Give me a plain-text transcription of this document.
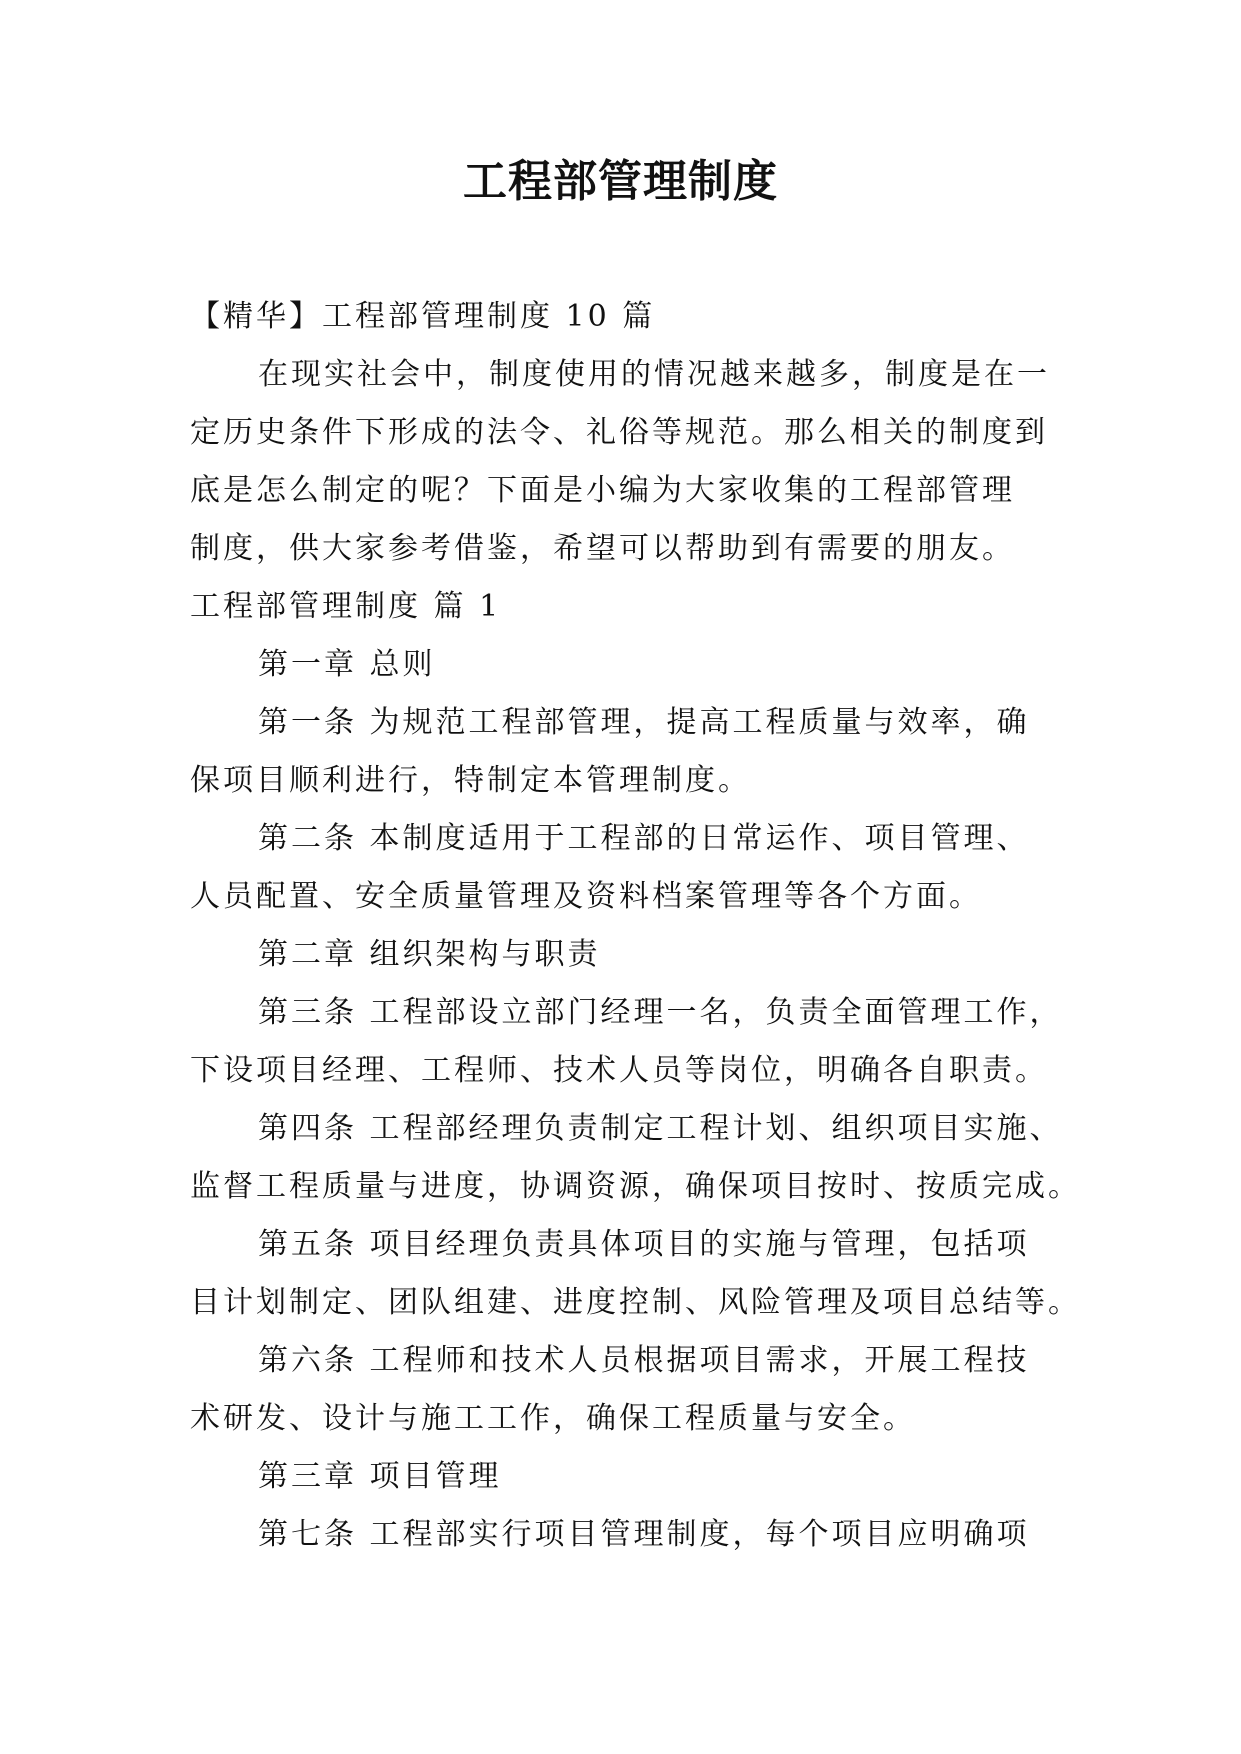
工程部管理制度
【精华】工程部管理制度 10 篇
在现实社会中，制度使用的情况越来越多，制度是在一
定历史条件下形成的法令、礼俗等规范。那么相关的制度到
底是怎么制定的呢？下面是小编为大家收集的工程部管理
制度，供大家参考借鉴，希望可以帮助到有需要的朋友。
工程部管理制度 篇 1
第一章 总则
第一条 为规范工程部管理，提高工程质量与效率，确
保项目顺利进行，特制定本管理制度。
第二条 本制度适用于工程部的日常运作、项目管理、
人员配置、安全质量管理及资料档案管理等各个方面。
第二章 组织架构与职责
第三条 工程部设立部门经理一名，负责全面管理工作，
下设项目经理、工程师、技术人员等岗位，明确各自职责。
第四条 工程部经理负责制定工程计划、组织项目实施、
监督工程质量与进度，协调资源，确保项目按时、按质完成。
第五条 项目经理负责具体项目的实施与管理，包括项
目计划制定、团队组建、进度控制、风险管理及项目总结等。
第六条 工程师和技术人员根据项目需求，开展工程技
术研发、设计与施工工作，确保工程质量与安全。
第三章 项目管理
第七条 工程部实行项目管理制度，每个项目应明确项
